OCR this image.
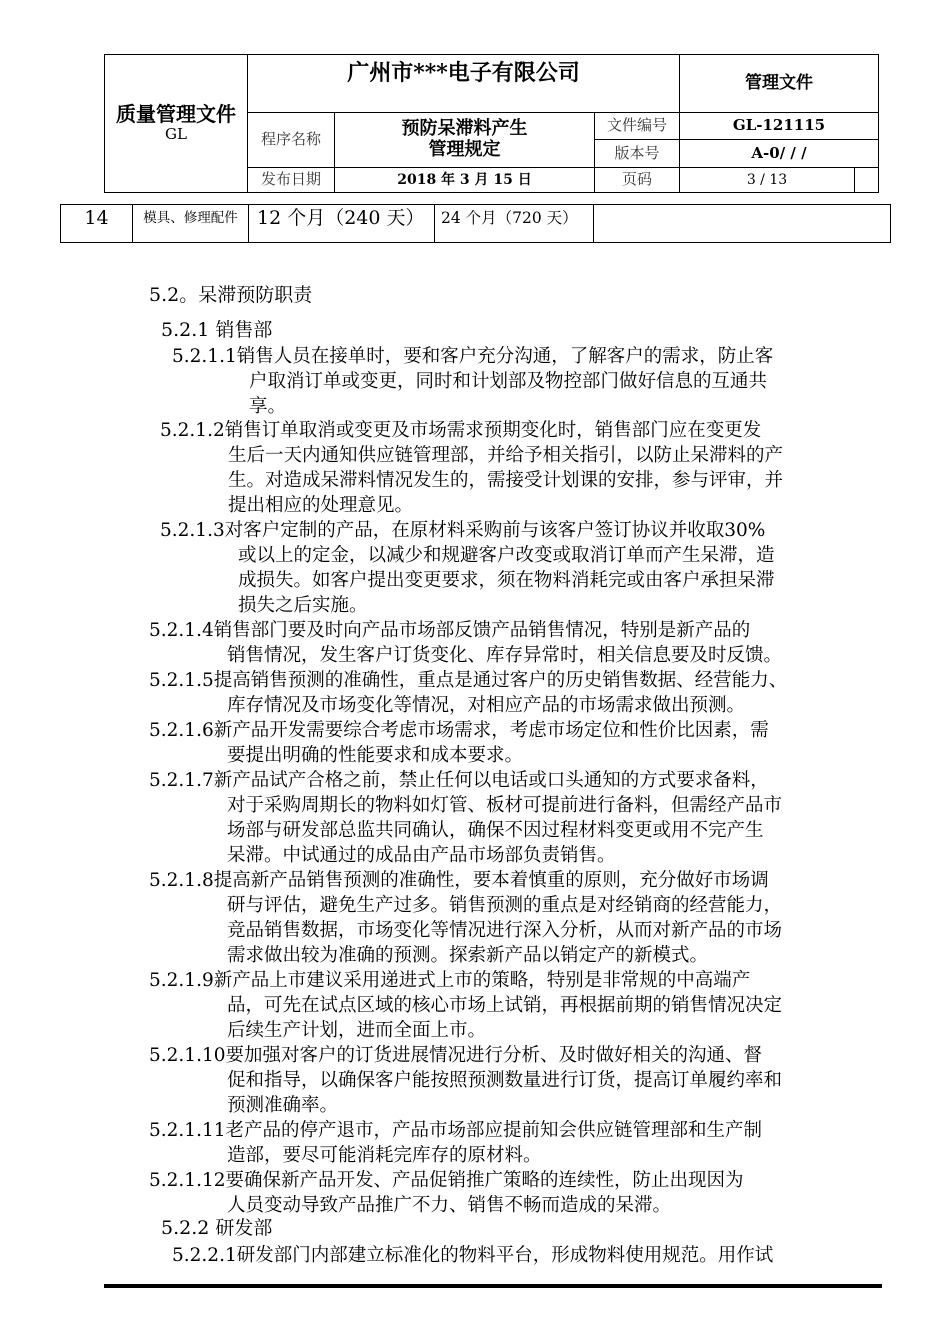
质量管理文件
GL
广州市***电子有限公司	管理文件
程序名称
预防呆滞料产生
管理规定
文件编号	GL-121115
版本号	A-0/ / /
发布日期	2018 年 3 月 15 日	页码	3 / 13
14	模具、修理配件	12 个月（240 天）	24 个月（720 天）
5.2。呆滞预防职责
5.2.1 销售部
5.2.1.1销售人员在接单时，要和客户充分沟通，了解客户的需求，防止客
户取消订单或变更，同时和计划部及物控部门做好信息的互通共
享。
5.2.1.2销售订单取消或变更及市场需求预期变化时，销售部门应在变更发
生后一天内通知供应链管理部，并给予相关指引，以防止呆滞料的产
生。对造成呆滞料情况发生的，需接受计划课的安排，参与评审，并
提出相应的处理意见。
5.2.1.3对客户定制的产品，在原材料采购前与该客户签订协议并收取30%
或以上的定金，以减少和规避客户改变或取消订单而产生呆滞，造
成损失。如客户提出变更要求，须在物料消耗完或由客户承担呆滞
损失之后实施。
5.2.1.4销售部门要及时向产品市场部反馈产品销售情况，特别是新产品的
销售情况，发生客户订货变化、库存异常时，相关信息要及时反馈。
5.2.1.5提高销售预测的准确性，重点是通过客户的历史销售数据、经营能力、
库存情况及市场变化等情况，对相应产品的市场需求做出预测。
5.2.1.6新产品开发需要综合考虑市场需求，考虑市场定位和性价比因素，需
要提出明确的性能要求和成本要求。
5.2.1.7新产品试产合格之前，禁止任何以电话或口头通知的方式要求备料，
对于采购周期长的物料如灯管、板材可提前进行备料，但需经产品市
场部与研发部总监共同确认，确保不因过程材料变更或用不完产生
呆滞。中试通过的成品由产品市场部负责销售。
5.2.1.8提高新产品销售预测的准确性，要本着慎重的原则，充分做好市场调
研与评估，避免生产过多。销售预测的重点是对经销商的经营能力，
竞品销售数据，市场变化等情况进行深入分析，从而对新产品的市场
需求做出较为准确的预测。探索新产品以销定产的新模式。
5.2.1.9新产品上市建议采用递进式上市的策略，特别是非常规的中高端产
品，可先在试点区域的核心市场上试销，再根据前期的销售情况决定
后续生产计划，进而全面上市。
5.2.1.10要加强对客户的订货进展情况进行分析、及时做好相关的沟通、督
促和指导，以确保客户能按照预测数量进行订货，提高订单履约率和
预测准确率。
5.2.1.11老产品的停产退市，产品市场部应提前知会供应链管理部和生产制
造部，要尽可能消耗完库存的原材料。
5.2.1.12要确保新产品开发、产品促销推广策略的连续性，防止出现因为
人员变动导致产品推广不力、销售不畅而造成的呆滞。
5.2.2 研发部
5.2.2.1研发部门内部建立标准化的物料平台，形成物料使用规范。用作试
